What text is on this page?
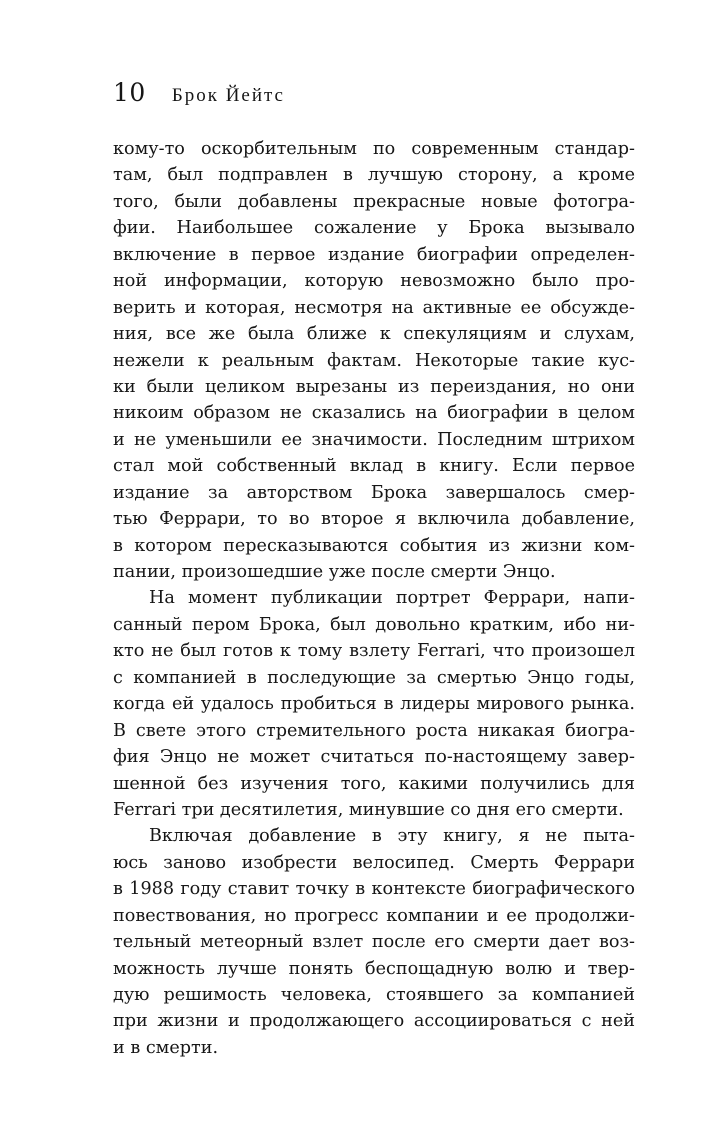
10 Брок Йейтс
кому-то оскорбительным по современным стандар-
там, был подправлен в лучшую сторону, а кроме
того, были добавлены прекрасные новые фотогра-
фии. Наибольшее сожаление у Брока вызывало
включение в первое издание биографии определен-
ной информации, которую невозможно было про-
верить и которая, несмотря на активные ее обсужде-
ния, все же была ближе к спекуляциям и слухам,
нежели к реальным фактам. Некоторые такие кус-
ки были целиком вырезаны из переиздания, но они
никоим образом не сказались на биографии в целом
и не уменьшили ее значимости. Последним штрихом
стал мой собственный вклад в книгу. Если первое
издание за авторством Брока завершалось смер-
тью Феррари, то во второе я включила добавление,
в котором пересказываются события из жизни ком-
пании, произошедшие уже после смерти Энцо.
На момент публикации портрет Феррари, напи-
санный пером Брока, был довольно кратким, ибо ни-
кто не был готов к тому взлету Ferrari, что произошел
с компанией в последующие за смертью Энцо годы,
когда ей удалось пробиться в лидеры мирового рынка.
В свете этого стремительного роста никакая биогра-
фия Энцо не может считаться по-настоящему завер-
шенной без изучения того, какими получились для
Ferrari три десятилетия, минувшие со дня его смерти.
Включая добавление в эту книгу, я не пыта-
юсь заново изобрести велосипед. Смерть Феррари
в 1988 году ставит точку в контексте биографического
повествования, но прогресс компании и ее продолжи-
тельный метеорный взлет после его смерти дает воз-
можность лучше понять беспощадную волю и твер-
дую решимость человека, стоявшего за компанией
при жизни и продолжающего ассоциироваться с ней
и в смерти.
